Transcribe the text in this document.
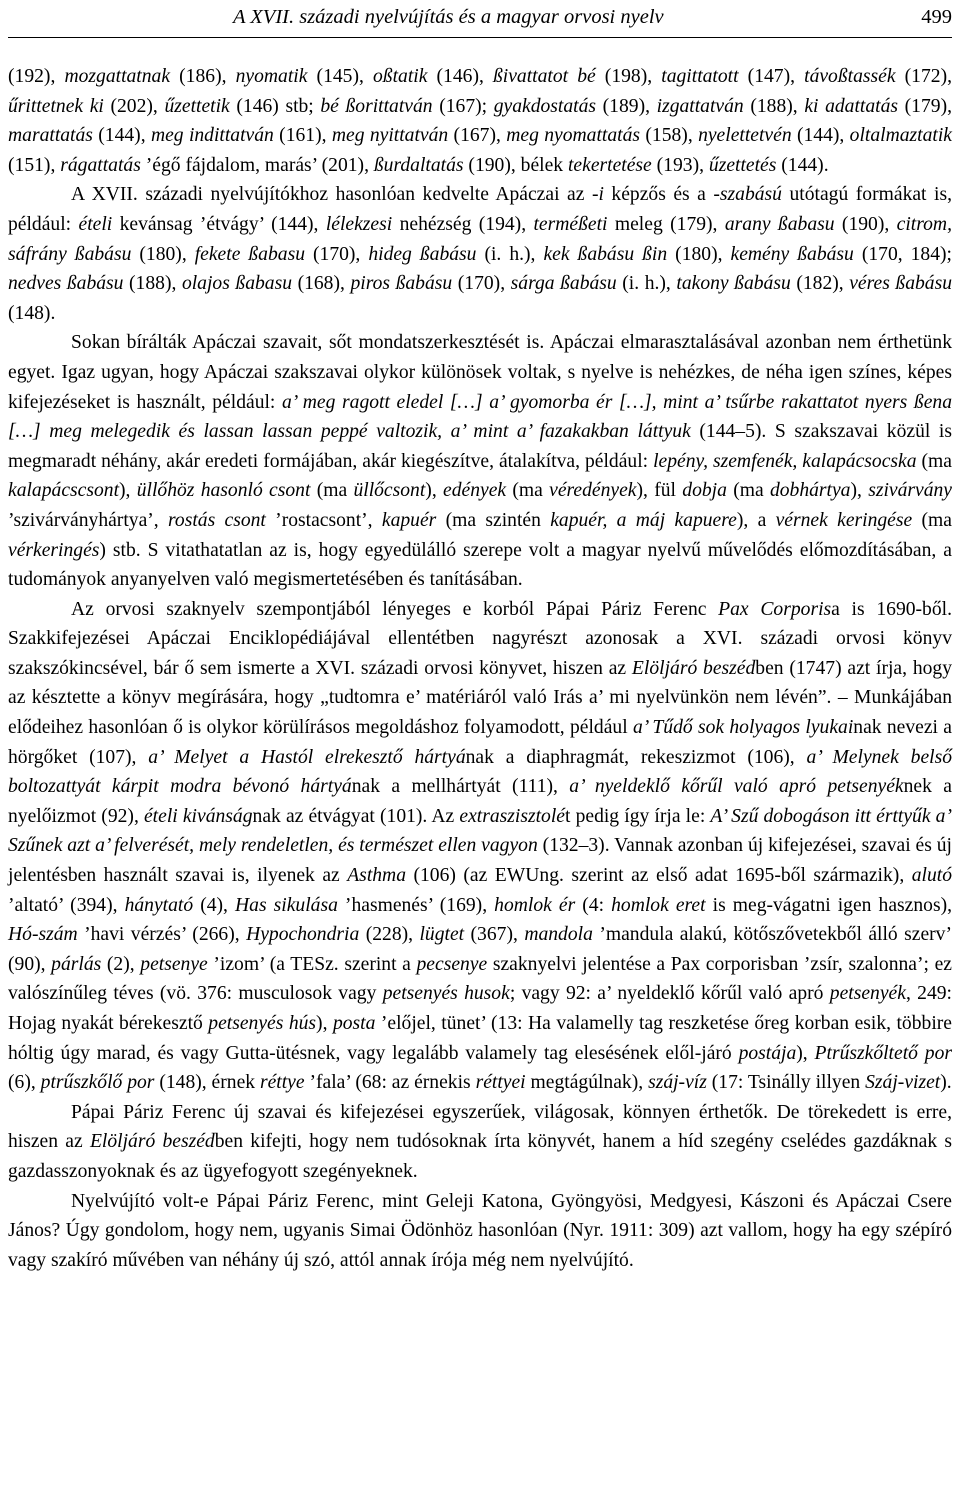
A XVII. századi nyelvújítás és a magyar orvosi nyelv	499

(192), mozgattatnak (186), nyomatik (145), oßtatik (146), ßivattatot bé (198), tagittatott (147), távoßtassék (172), űrittetnek ki (202), űzettetik (146) stb; bé ßorittatván (167); gyakdostatás (189), izgattatván (188), ki adattatás (179), marattatás (144), meg indittatván (161), meg nyittatván (167), meg nyomattatás (158), nyelettetvén (144), oltalmaztatik (151), rágattatás ’égő fájdalom, marás’ (201), ßurdaltatás (190), bélek tekertetése (193), űzettetés (144).

A XVII. századi nyelvújítókhoz hasonlóan kedvelte Apáczai az -i képzős és a -szabású utótagú formákat is, például: ételi kevánsag ’étvágy’ (144), lélekzesi nehézség (194), terméßeti meleg (179), arany ßabasu (190), citrom, sáfrány ßabásu (180), fekete ßabasu (170), hideg ßabásu (i. h.), kek ßabásu ßin (180), kemény ßabásu (170, 184); nedves ßabásu (188), olajos ßabasu (168), piros ßabásu (170), sárga ßabásu (i. h.), takony ßabásu (182), véres ßabásu (148).

Sokan bírálták Apáczai szavait, sőt mondatszerkesztését is. Apáczai elmarasztalásával azonban nem érthetünk egyet. Igaz ugyan, hogy Apáczai szakszavai olykor különösek voltak, s nyelve is nehézkes, de néha igen színes, képes kifejezéseket is használt, például: a’ meg ragott eledel […] a’ gyomorba ér […], mint a’ tsűrbe rakattatot nyers ßena […] meg melegedik és lassan lassan peppé valtozik, a’ mint a’ fazakakban láttyuk (144–5). S szakszavai közül is megmaradt néhány, akár eredeti formájában, akár kiegészítve, átalakítva, például: lepény, szemfenék, kalapácsocska (ma kalapácscsont), üllőhöz hasonló csont (ma üllőcsont), edények (ma véredények), fül dobja (ma dobhártya), szivárvány ’szivárványhártya’, rostás csont ’rostacsont’, kapuér (ma szintén kapuér, a máj kapuere), a vérnek keringése (ma vérkeringés) stb. S vitathatatlan az is, hogy egyedülálló szerepe volt a magyar nyelvű művelődés előmozdításában, a tudományok anyanyelven való megismertetésében és tanításában.

Az orvosi szaknyelv szempontjából lényeges e korból Pápai Páriz Ferenc Pax Corporisa is 1690-ből. Szakkifejezései Apáczai Enciklopédiájával ellentétben nagyrészt azonosak a XVI. századi orvosi könyv szakszókincsével, bár ő sem ismerte a XVI. századi orvosi könyvet, hiszen az Elöljáró beszédben (1747) azt írja, hogy az késztette a könyv megírására, hogy „tudtomra e’ matériáról való Irás a’ mi nyelvünkön nem lévén”. – Munkájában elődeihez hasonlóan ő is olykor körülírásos megoldáshoz folyamodott, például a’ Tűdő sok holyagos lyukainak nevezi a hörgőket (107), a’ Melyet a Hastól elrekesztő hártyának a diaphragmát, rekeszizmot (106), a’ Melynek belső boltozattyát kárpit modra bévonó hártyának a mellhártyát (111), a’ nyeldeklő kőrűl való apró petsenyéknek a nyelőizmot (92), ételi kivánságnak az étvágyat (101). Az extraszisztolét pedig így írja le: A’ Szű dobogáson itt érttyűk a’ Szűnek azt a’ felverését, mely rendeletlen, és természet ellen vagyon (132–3). Vannak azonban új kifejezései, szavai és új jelentésben használt szavai is, ilyenek az Asthma (106) (az EWUng. szerint az első adat 1695-ből származik), alutó ’altató’ (394), hánytató (4), Has sikulása ’hasmenés’ (169), homlok ér (4: homlok eret is meg-vágatni igen hasznos), Hó-szám ’havi vérzés’ (266), Hypochondria (228), lügtet (367), mandola ’mandula alakú, kötőszővetekből álló szerv’ (90), párlás (2), petsenye ’izom’ (a TESz. szerint a pecsenye szaknyelvi jelentése a Pax corporisban ’zsír, szalonna’; ez valószínűleg téves (vö. 376: musculosok vagy petsenyés husok; vagy 92: a’ nyeldeklő kőrűl való apró petsenyék, 249: Hojag nyakát bérekesztő petsenyés hús), posta ’előjel, tünet’ (13: Ha valamelly tag reszketése őreg korban esik, többire hóltig úgy marad, és vagy Gutta-ütésnek, vagy legalább valamely tag elesésének elől-járó postája), Ptrűszkőltető por (6), ptrűszkőlő por (148), érnek réttye ’fala’ (68: az érnekis réttyei megtágúlnak), száj-víz (17: Tsinálly illyen Száj-vizet).

Pápai Páriz Ferenc új szavai és kifejezései egyszerűek, világosak, könnyen érthetők. De törekedett is erre, hiszen az Elöljáró beszédben kifejti, hogy nem tudósoknak írta könyvét, hanem a híd szegény cselédes gazdáknak s gazdasszonyoknak és az ügyefogyott szegényeknek.

Nyelvújító volt-e Pápai Páriz Ferenc, mint Geleji Katona, Gyöngyösi, Medgyesi, Kászoni és Apáczai Csere János? Úgy gondolom, hogy nem, ugyanis Simai Ödönhöz hasonlóan (Nyr. 1911: 309) azt vallom, hogy ha egy szépíró vagy szakíró művében van néhány új szó, attól annak írója még nem nyelvújító.
